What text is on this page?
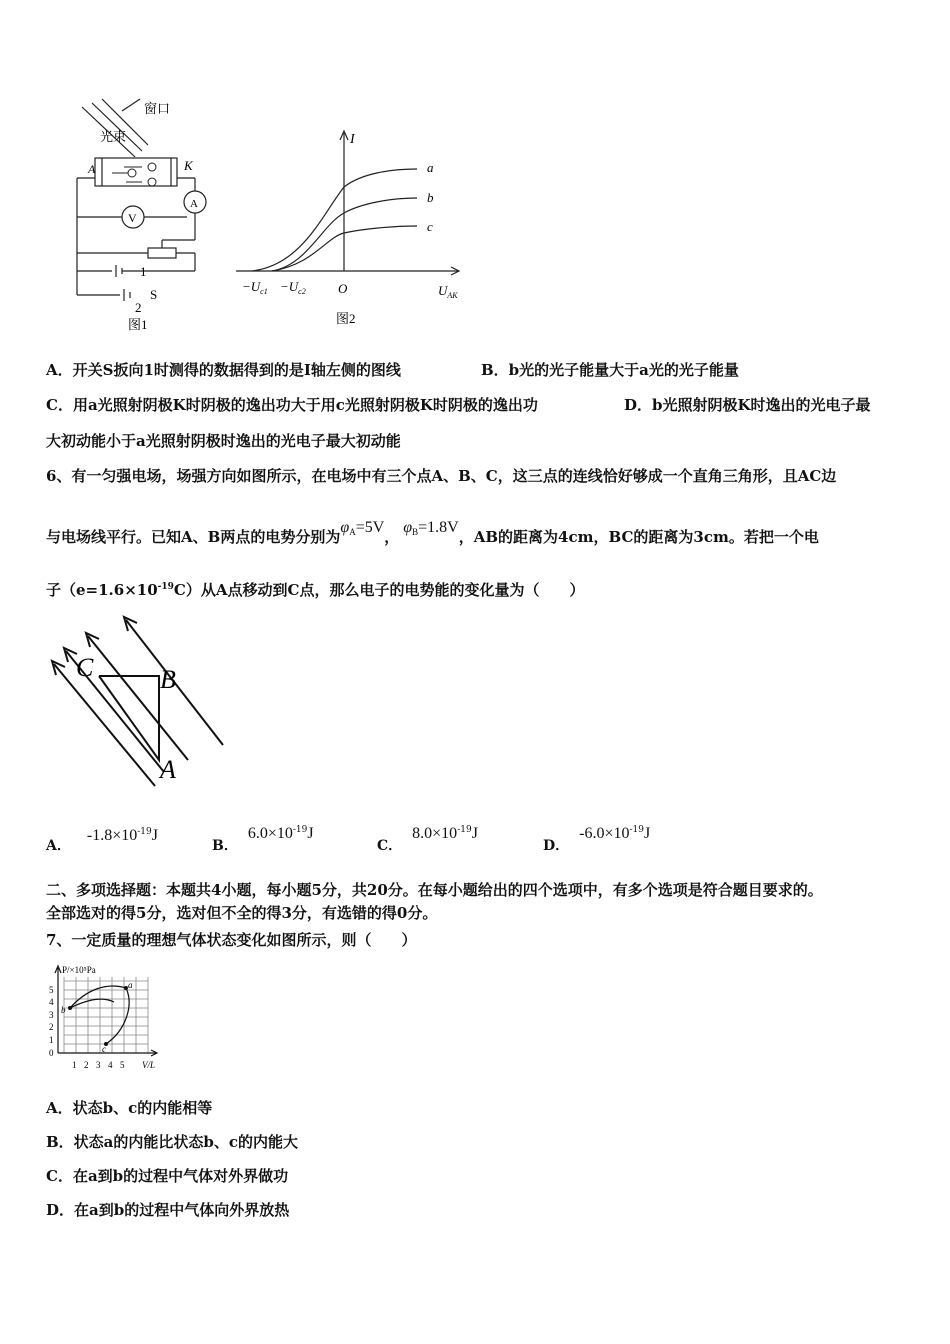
光束
窗口
A	K
V
A
1
2
S
图1
I
a
b
c
$-U_{c1} -U_{c2}$ O	$U_{AK}$
图2
A．开关S扳向1时测得的数据得到的是I轴左侧的图线	B．b光的光子能量大于a光的光子能量
C．用a光照射阴极K时阴极的逸出功大于用c光照射阴极K时阴极的逸出功	D．b光照射阴极K时逸出的光电子最
大初动能小于a光照射阴极时逸出的光电子最大初动能
6、有一匀强电场，场强方向如图所示，在电场中有三个点A、B、C，这三点的连线恰好够成一个直角三角形，且AC边
与电场线平行。已知A、B两点的电势分别为$\varphi_A=5V$， $\varphi_B=1.8V$，AB的距离为4cm，BC的距离为3cm。若把一个电
子$(e=1.6\times 10^{-19}C)$从A点移动到C点，那么电子的电势能的变化量为（　　）
C	B
A
A．$-1.8\times 10^{-19}J$
B．$6.0\times 10^{-19}J$
C．$8.0\times 10^{-19}J$
D．$-6.0\times 10^{-19}J$
二、多项选择题：本题共4小题，每小题5分，共20分。在每小题给出的四个选项中，有多个选项是符合题目要求的。
全部选对的得5分，选对但不全的得3分，有选错的得0分。
7、一定质量的理想气体状态变化如图所示，则（　　）
P/×10⁵Pa
V/L
5
4
3
2
1
0
1 2 3 4 5
a
b
c
A．状态b、c的内能相等
B．状态a的内能比状态b、c的内能大
C．在a到b的过程中气体对外界做功
D．在a到b的过程中气体向外界放热
